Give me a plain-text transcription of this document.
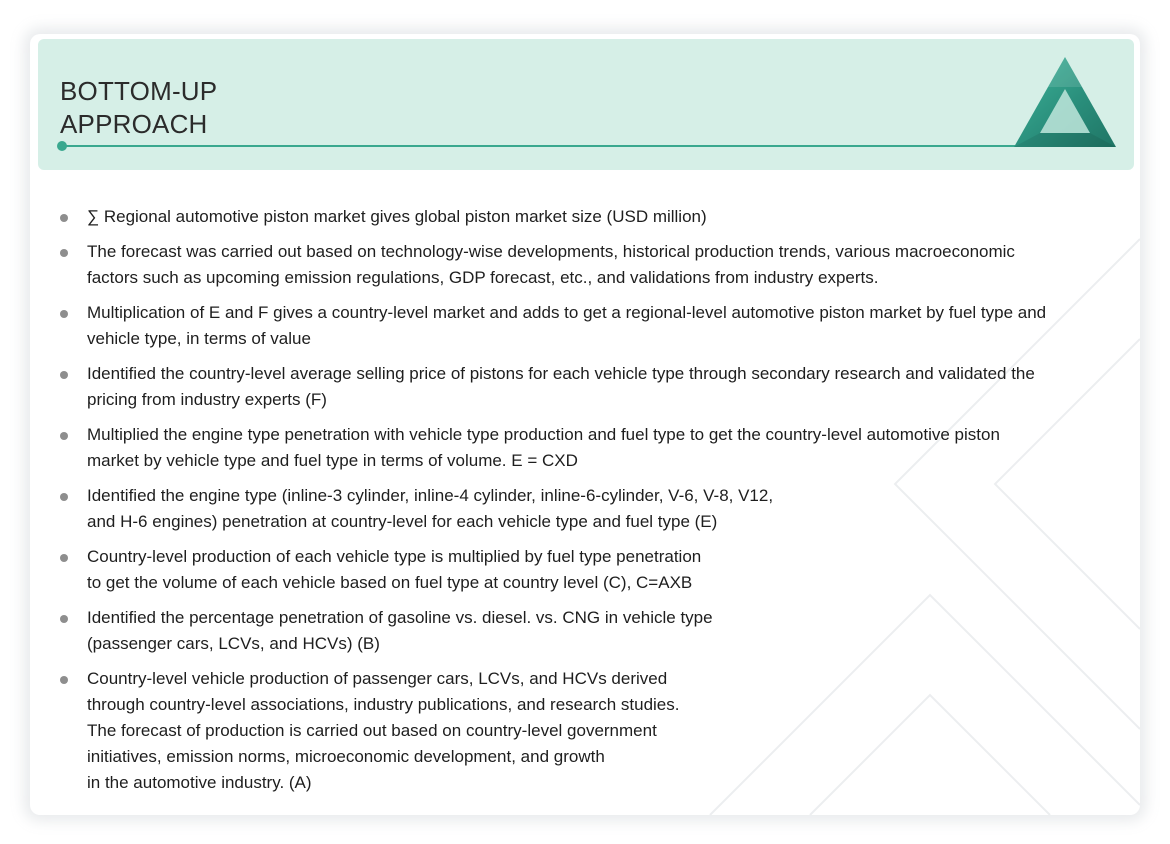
BOTTOM-UP
APPROACH
∑ Regional automotive piston market gives global piston market size (USD million)
The forecast was carried out based on technology-wise developments, historical production trends, various macroeconomic
factors such as upcoming emission regulations, GDP forecast, etc., and validations from industry experts.
Multiplication of E and F gives a country-level market and adds to get a regional-level automotive piston market by fuel type and
vehicle type, in terms of value
Identified the country-level average selling price of pistons for each vehicle type through secondary research and validated the
pricing from industry experts (F)
Multiplied the engine type penetration with vehicle type production and fuel type to get the country-level automotive piston
market by vehicle type and fuel type in terms of volume. E = CXD
Identified the engine type (inline-3 cylinder, inline-4 cylinder, inline-6-cylinder, V-6, V-8, V12,
and H-6 engines) penetration at country-level for each vehicle type and fuel type (E)
Country-level production of each vehicle type is multiplied by fuel type penetration
to get the volume of each vehicle based on fuel type at country level (C), C=AXB
Identified the percentage penetration of gasoline vs. diesel. vs. CNG in vehicle type
(passenger cars, LCVs, and HCVs) (B)
Country-level vehicle production of passenger cars, LCVs, and HCVs derived
through country-level associations, industry publications, and research studies.
The forecast of production is carried out based on country-level government
initiatives, emission norms, microeconomic development, and growth
in the automotive industry. (A)
